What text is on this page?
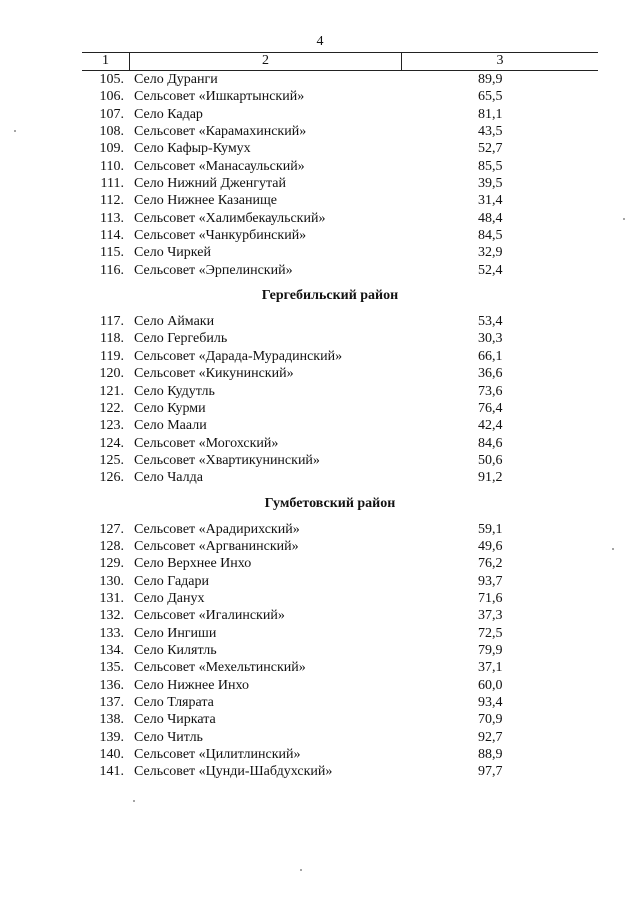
4
1	2	3
105. Село Дуранги	89,9
106. Сельсовет «Ишкартынский»	65,5
107. Село Кадар	81,1
108. Сельсовет «Карамахинский»	43,5
109. Село Кафыр-Кумух	52,7
110. Сельсовет «Манасаульский»	85,5
111. Село Нижний Дженгутай	39,5
112. Село Нижнее Казанище	31,4
113. Сельсовет «Халимбекаульский»	48,4
114. Сельсовет «Чанкурбинский»	84,5
115. Село Чиркей	32,9
116. Сельсовет «Эрпелинский»	52,4
Гергебильский район
117. Село Аймаки	53,4
118. Село Гергебиль	30,3
119. Сельсовет «Дарада-Мурадинский»	66,1
120. Сельсовет «Кикунинский»	36,6
121. Село Кудутль	73,6
122. Село Курми	76,4
123. Село Маали	42,4
124. Сельсовет «Могохский»	84,6
125. Сельсовет «Хвартикунинский»	50,6
126. Село Чалда	91,2
Гумбетовский район
127. Сельсовет «Арадирихский»	59,1
128. Сельсовет «Аргванинский»	49,6
129. Село Верхнее Инхо	76,2
130. Село Гадари	93,7
131. Село Данух	71,6
132. Сельсовет «Игалинский»	37,3
133. Село Ингиши	72,5
134. Село Килятль	79,9
135. Сельсовет «Мехельтинский»	37,1
136. Село Нижнее Инхо	60,0
137. Село Тлярата	93,4
138. Село Чирката	70,9
139. Село Читль	92,7
140. Сельсовет «Цилитлинский»	88,9
141. Сельсовет «Цунди-Шабдухский»	97,7
